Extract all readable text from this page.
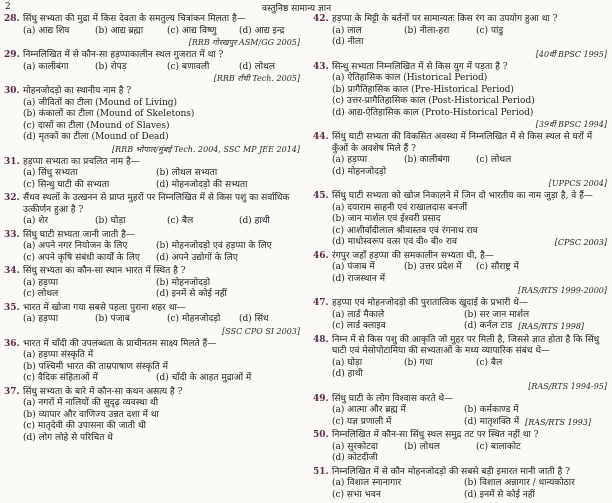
2	वस्तुनिष्ठ सामान्य ज्ञान
28. सिंधु सभ्यता की मुद्रा में किस देवता के समतुल्य चित्रांकन मिलता है—
(a) आद्य शिव	(b) आद्य ब्रह्मा	(c) आद्य विष्णु	(d) आद्य इन्द्र
[RRB गोरखपुर ASM/GG 2005]
29. निम्नलिखित में से कौन-सा हड़प्पाकालीन स्थल गुजरात में था ?
(a) कालीबंगा	(b) रोपड़	(c) बणावली	(d) लोथल
[RRB राँची Tech. 2005]
30. मोहनजोदड़ो का स्थानीय नाम है ?
(a) जीवितों का टीला (Mound of Living)
(b) कंकालों का टीला (Mound of Skeletons)
(c) दासों का टीला (Mound of Slaves)
(d) मृतकों का टीला (Mound of Dead)
[RRB भोपाल/मुंबई Tech. 2004, SSC MP JEE 2014]
31. हड़प्पा सभ्यता का प्रचलित नाम है—
(a) सिंधु सभ्यता	(b) लोथल सभ्यता
(c) सिन्धु घाटी की सभ्यता	(d) मोहनजोदड़ो की सभ्यता
32. सैंधव स्थलों के उत्खनन से प्राप्त मुहरों पर निम्नलिखित में से किस पशु का सर्वाधिक उत्कीर्णन हुआ है ?
(a) शेर	(b) घोड़ा	(c) बैल	(d) हाथी
33. सिंधु घाटी सभ्यता जानी जाती है—
(a) अपने नगर नियोजन के लिए	(b) मोहनजोदड़ो एवं हड़प्पा के लिए
(c) अपने कृषि संबंधी कार्यों के लिए	(d) अपने उद्योगों के लिए
34. सिंधु सभ्यता का कौन-सा स्थान भारत में स्थित है ?
(a) हड़प्पा	(b) मोहनजोदड़ो
(c) लोथल	(d) इनमें से कोई नहीं
35. भारत में खोजा गया सबसे पहला पुराना शहर था—
(a) हड़प्पा	(b) पंजाब	(c) मोहनजोदड़ो	(d) सिंध
[SSC CPO SI 2003]
36. भारत में चाँदी की उपलब्धता के प्राचीनतम साक्ष्य मिलते हैं—
(a) हड़प्पा संस्कृति में
(b) पश्चिमी भारत की ताम्रपाषाण संस्कृति में
(c) वैदिक संहिताओं में	(d) चाँदी के आहत मुद्राओं में
37. सिंधु सभ्यता के बारे में कौन-सा कथन असत्य है ?
(a) नगरों में नालियों की सुदृढ़ व्यवस्था थी
(b) व्यापार और वाणिज्य उन्नत दशा में था
(c) मातृदेवी की उपासना की जाती थी
(d) लोग लोहे से परिचित थे
42. हड़प्पा के मिट्टी के बर्तनों पर सामान्यतः किस रंग का उपयोग हुआ था ?
(a) लाल	(b) नीला-हरा	(c) पांडु
(d) नीला
[40वीं BPSC 1995]
43. सिन्धु सभ्यता निम्नलिखित में से किस युग में पड़ता है ?
(a) ऐतिहासिक काल (Historical Period)
(b) प्रागैतिहासिक काल (Pre-Historical Period)
(c) उत्तर-प्रागैतिहासिक काल (Post-Historical Period)
(d) आद्य-ऐतिहासिक काल (Proto-Historical Period)
[39वीं BPSC 1994]
44. सिंधु घाटी सभ्यता की विकसित अवस्था में निम्नलिखित में से किस स्थल से घरों में कुँओं के अवशेष मिले हैं ?
(a) हड़प्पा	(b) कालीबंगा	(c) लोथल
(d) मोहनजोदड़ो
[UPPCS 2004]
45. सिंधु घाटी सभ्यता को खोज निकालने में जिन दो भारतीय का नाम जुड़ा है, वे हैं—
(a) दयाराम साहनी एवं राखालदास बनर्जी
(b) जान मार्शल एवं ईश्वरी प्रसाद
(c) आशीर्वादीलाल श्रीवास्तव एवं रंगनाथ राव
(d) माधोस्वरूप वत्स एवं वी० बी० राव	[CPSC 2003]
46. रंगपुर जहाँ हड़प्पा की समकालीन सभ्यता थी, है—
(a) पंजाब में	(b) उत्तर प्रदेश में	(c) सौराष्ट्र में
(d) राजस्थान में
[RAS/RTS 1999-2000]
47. हड़प्पा एवं मोहनजोदड़ो की पुरातात्विक खुदाई के प्रभारी थे—
(a) लार्ड मैकाले	(b) सर जान मार्शल
(c) लार्ड क्लाइव	(d) कर्नल टाड [RAS/RTS 1998]
48. निम्न में से किस पशु की आकृति जो मुहर पर मिली है, जिससे ज्ञात होता है कि सिंधु घाटी एवं मेसोपोटामिया की सभ्यताओं के मध्य व्यापारिक संबंध थे—
(a) घोड़ा	(b) गधा	(c) बैल
(d) हाथी
[RAS/RTS 1994-95]
49. सिंधु घाटी के लोग विश्वास करते थे—
(a) आत्मा और ब्रह्म में	(b) कर्मकाण्ड में
(c) यज्ञ प्रणाली में	(d) मातृशक्ति में [RAS/RTS 1993]
50. निम्नलिखित में कौन-सा सिंधु स्थल समुद्र तट पर स्थित नहीं था ?
(a) सुरकोटदा	(b) लोथल	(c) बालाकोट
(d) कोटदीजी
51. निम्नलिखित में से कौन मोहनजोदड़ो की सबसे बड़ी इमारत मानी जाती है ?
(a) विशाल स्नानागार	(b) विशाल अन्नागार / धान्यकोठार
(c) सभा भवन	(d) इनमें से कोई नहीं
